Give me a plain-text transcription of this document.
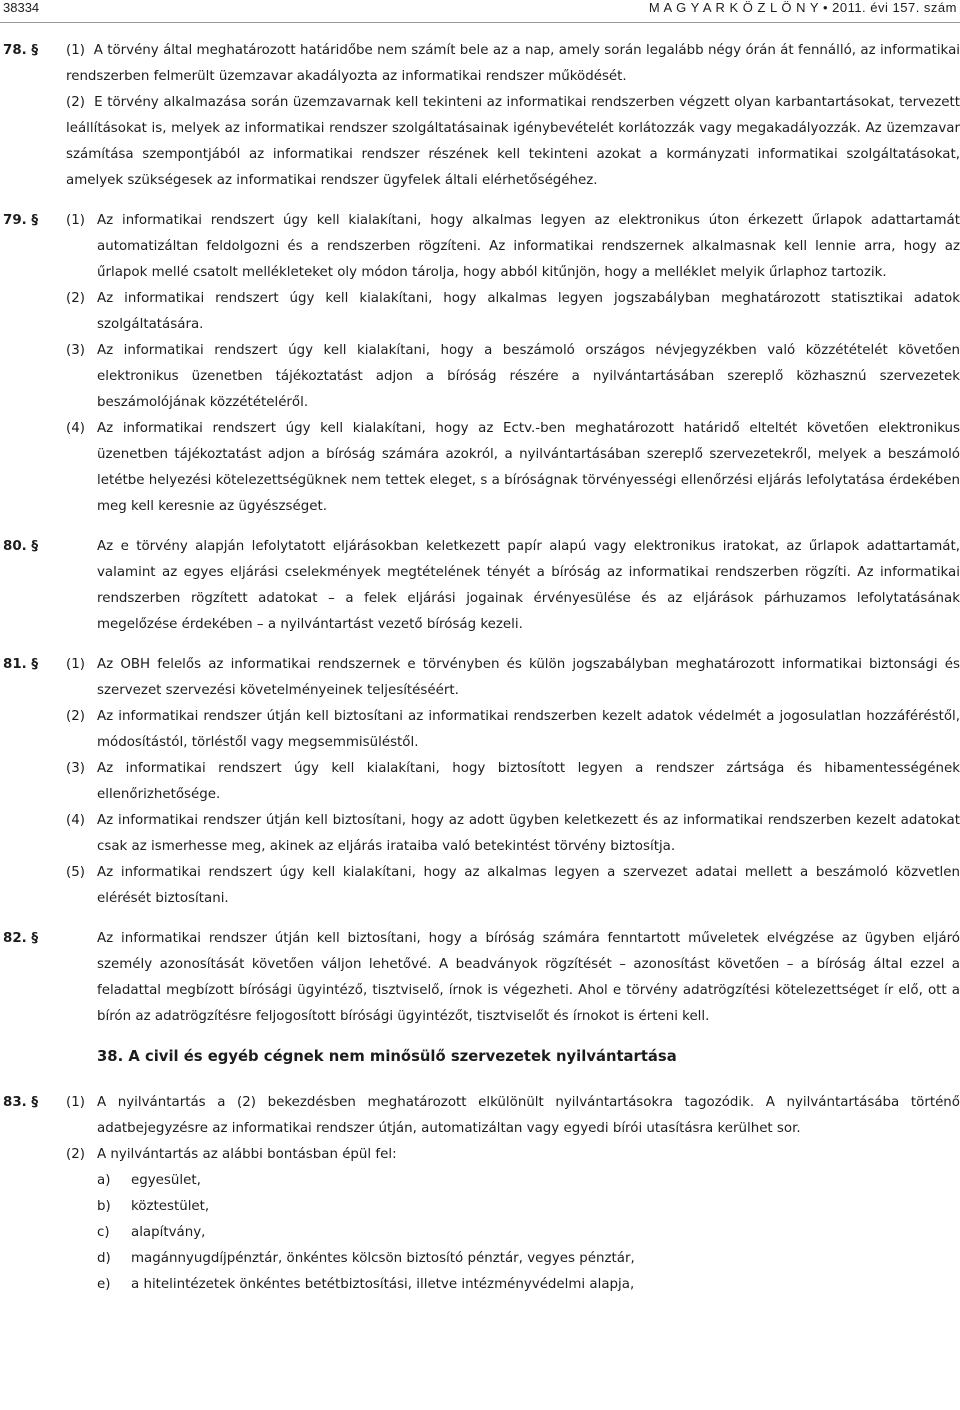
38334	M A G Y A R K Ö Z L Ö N Y • 2011. évi 157. szám
78. §	(1) A törvény által meghatározott határidőbe nem számít bele az a nap, amely során legalább négy órán át fennálló, az informatikai rendszerben felmerült üzemzavar akadályozta az informatikai rendszer működését.
(2) E törvény alkalmazása során üzemzavarnak kell tekinteni az informatikai rendszerben végzett olyan karbantartásokat, tervezett leállításokat is, melyek az informatikai rendszer szolgáltatásainak igénybevételét korlátozzák vagy megakadályozzák. Az üzemzavar számítása szempontjából az informatikai rendszer részének kell tekinteni azokat a kormányzati informatikai szolgáltatásokat, amelyek szükségesek az informatikai rendszer ügyfelek általi elérhetőségéhez.
79. § (1) Az informatikai rendszert úgy kell kialakítani, hogy alkalmas legyen az elektronikus úton érkezett űrlapok adattartamát automatizáltan feldolgozni és a rendszerben rögzíteni. Az informatikai rendszernek alkalmasnak kell lennie arra, hogy az űrlapok mellé csatolt mellékleteket oly módon tárolja, hogy abból kitűnjön, hogy a melléklet melyik űrlaphoz tartozik.
(2) Az informatikai rendszert úgy kell kialakítani, hogy alkalmas legyen jogszabályban meghatározott statisztikai adatok szolgáltatására.
(3) Az informatikai rendszert úgy kell kialakítani, hogy a beszámoló országos névjegyzékben való közzétételét követően elektronikus üzenetben tájékoztatást adjon a bíróság részére a nyilvántartásában szereplő közhasznú szervezetek beszámolójának közzétételéről.
(4) Az informatikai rendszert úgy kell kialakítani, hogy az Ectv.-ben meghatározott határidő elteltét követően elektronikus üzenetben tájékoztatást adjon a bíróság számára azokról, a nyilvántartásában szereplő szervezetekről, melyek a beszámoló letétbe helyezési kötelezettségüknek nem tettek eleget, s a bíróságnak törvényességi ellenőrzési eljárás lefolytatása érdekében meg kell keresnie az ügyészséget.
80. §	Az e törvény alapján lefolytatott eljárásokban keletkezett papír alapú vagy elektronikus iratokat, az űrlapok adattartamát, valamint az egyes eljárási cselekmények megtételének tényét a bíróság az informatikai rendszerben rögzíti. Az informatikai rendszerben rögzített adatokat – a felek eljárási jogainak érvényesülése és az eljárások párhuzamos lefolytatásának megelőzése érdekében – a nyilvántartást vezető bíróság kezeli.
81. § (1) Az OBH felelős az informatikai rendszernek e törvényben és külön jogszabályban meghatározott informatikai biztonsági és szervezet szervezési követelményeinek teljesítéséért.
(2) Az informatikai rendszer útján kell biztosítani az informatikai rendszerben kezelt adatok védelmét a jogosulatlan hozzáféréstől, módosítástól, törléstől vagy megsemmisüléstől.
(3) Az informatikai rendszert úgy kell kialakítani, hogy biztosított legyen a rendszer zártsága és hibamentességének ellenőrizhetősége.
(4) Az informatikai rendszer útján kell biztosítani, hogy az adott ügyben keletkezett és az informatikai rendszerben kezelt adatokat csak az ismerhesse meg, akinek az eljárás irataiba való betekintést törvény biztosítja.
(5) Az informatikai rendszert úgy kell kialakítani, hogy az alkalmas legyen a szervezet adatai mellett a beszámoló közvetlen elérését biztosítani.
82. §	Az informatikai rendszer útján kell biztosítani, hogy a bíróság számára fenntartott műveletek elvégzése az ügyben eljáró személy azonosítását követően váljon lehetővé. A beadványok rögzítését – azonosítást követően – a bíróság által ezzel a feladattal megbízott bírósági ügyintéző, tisztviselő, írnok is végezheti. Ahol e törvény adatrögzítési kötelezettséget ír elő, ott a bírón az adatrögzítésre feljogosított bírósági ügyintézőt, tisztviselőt és írnokot is érteni kell.
38. A civil és egyéb cégnek nem minősülő szervezetek nyilvántartása
83. § (1) A nyilvántartás a (2) bekezdésben meghatározott elkülönült nyilvántartásokra tagozódik. A nyilvántartásába történő adatbejegyzésre az informatikai rendszer útján, automatizáltan vagy egyedi bírói utasításra kerülhet sor.
(2) A nyilvántartás az alábbi bontásban épül fel:
a) egyesület,
b) köztestület,
c) alapítvány,
d) magánnyugdíjpénztár, önkéntes kölcsön biztosító pénztár, vegyes pénztár,
e) a hitelintézetek önkéntes betétbiztosítási, illetve intézményvédelmi alapja,
